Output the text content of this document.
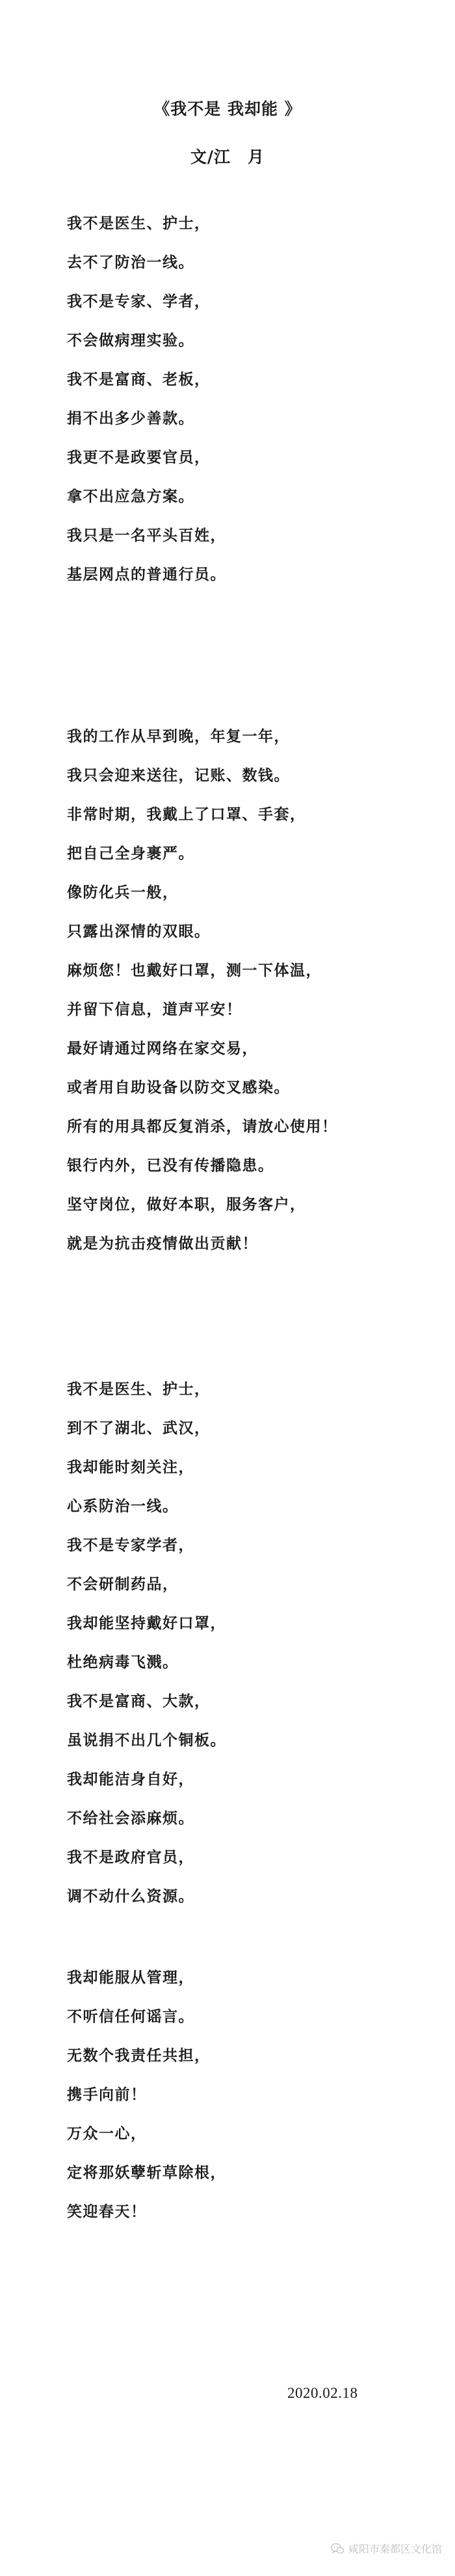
《我不是 我却能 》
文/江　月
我不是医生、护士，
去不了防治一线。
我不是专家、学者，
不会做病理实验。
我不是富商、老板，
捐不出多少善款。
我更不是政要官员，
拿不出应急方案。
我只是一名平头百姓，
基层网点的普通行员。
我的工作从早到晚，年复一年，
我只会迎来送往，记账、数钱。
非常时期，我戴上了口罩、手套，
把自己全身裹严。
像防化兵一般，
只露出深情的双眼。
麻烦您！也戴好口罩，测一下体温，
并留下信息，道声平安！
最好请通过网络在家交易，
或者用自助设备以防交叉感染。
所有的用具都反复消杀，请放心使用！
银行内外，已没有传播隐患。
坚守岗位，做好本职，服务客户，
就是为抗击疫情做出贡献！
我不是医生、护士，
到不了湖北、武汉，
我却能时刻关注，
心系防治一线。
我不是专家学者，
不会研制药品，
我却能坚持戴好口罩，
杜绝病毒飞溅。
我不是富商、大款，
虽说捐不出几个铜板。
我却能洁身自好，
不给社会添麻烦。
我不是政府官员，
调不动什么资源。
我却能服从管理，
不听信任何谣言。
无数个我责任共担，
携手向前！
万众一心，
定将那妖孽斩草除根，
笑迎春天！
2020.02.18
咸阳市秦都区文化馆
